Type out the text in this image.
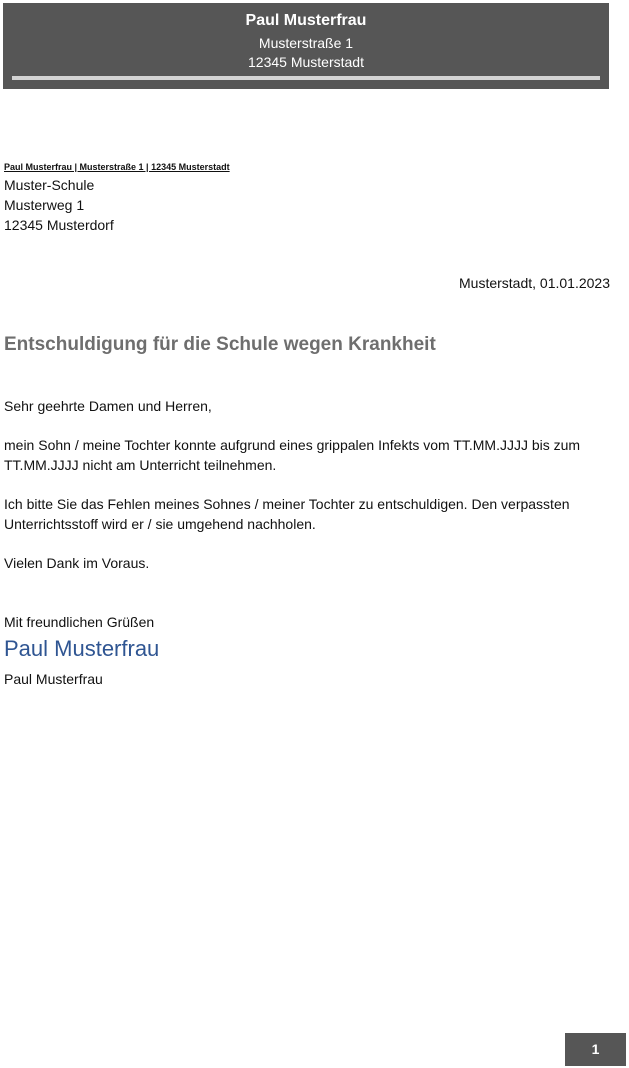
Paul Musterfrau
Musterstraße 1
12345 Musterstadt
Paul Musterfrau | Musterstraße 1 | 12345 Musterstadt
Muster-Schule
Musterweg 1
12345 Musterdorf
Musterstadt, 01.01.2023
Entschuldigung für die Schule wegen Krankheit
Sehr geehrte Damen und Herren,
mein Sohn / meine Tochter konnte aufgrund eines grippalen Infekts vom TT.MM.JJJJ bis zum TT.MM.JJJJ nicht am Unterricht teilnehmen.
Ich bitte Sie das Fehlen meines Sohnes / meiner Tochter zu entschuldigen. Den verpassten Unterrichtsstoff wird er / sie umgehend nachholen.
Vielen Dank im Voraus.
Mit freundlichen Grüßen
Paul Musterfrau
Paul Musterfrau
1
